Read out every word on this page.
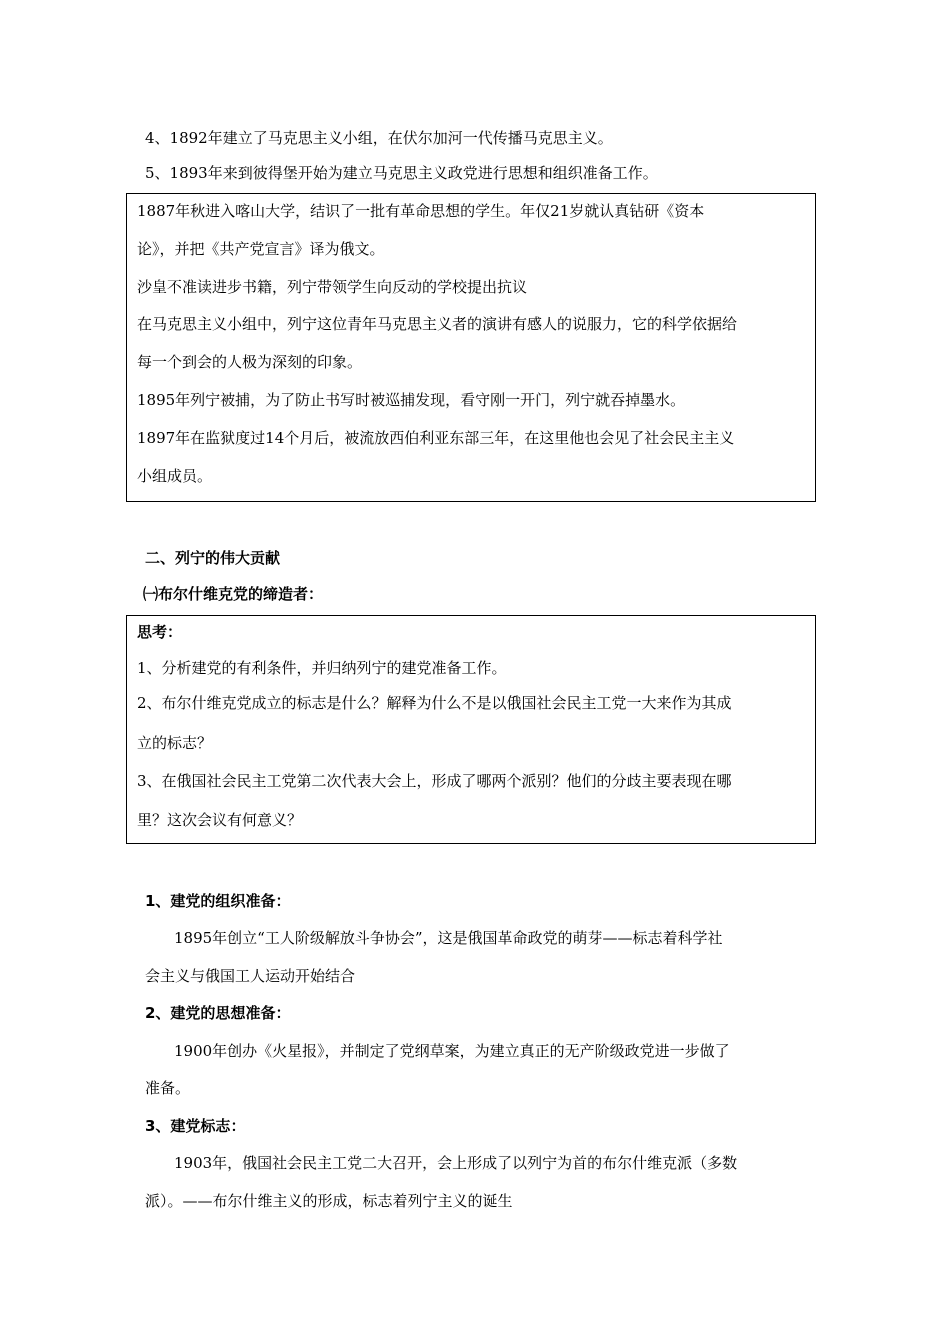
4、1892年建立了马克思主义小组，在伏尔加河一代传播马克思主义。
5、1893年来到彼得堡开始为建立马克思主义政党进行思想和组织准备工作。
1887年秋进入喀山大学，结识了一批有革命思想的学生。年仅21岁就认真钻研《资本
论》，并把《共产党宣言》译为俄文。
沙皇不准读进步书籍，列宁带领学生向反动的学校提出抗议
在马克思主义小组中，列宁这位青年马克思主义者的演讲有感人的说服力，它的科学依据给
每一个到会的人极为深刻的印象。
1895年列宁被捕，为了防止书写时被巡捕发现，看守刚一开门，列宁就吞掉墨水。
1897年在监狱度过14个月后，被流放西伯利亚东部三年，在这里他也会见了社会民主主义
小组成员。
二、列宁的伟大贡献
㈠布尔什维克党的缔造者：
思考：
1、分析建党的有利条件，并归纳列宁的建党准备工作。
2、布尔什维克党成立的标志是什么？解释为什么不是以俄国社会民主工党一大来作为其成
立的标志？
3、在俄国社会民主工党第二次代表大会上，形成了哪两个派别？他们的分歧主要表现在哪
里？这次会议有何意义？
1、建党的组织准备：
1895年创立“工人阶级解放斗争协会”，这是俄国革命政党的萌芽——标志着科学社
会主义与俄国工人运动开始结合
2、建党的思想准备：
1900年创办《火星报》，并制定了党纲草案，为建立真正的无产阶级政党进一步做了
准备。
3、建党标志：
1903年，俄国社会民主工党二大召开，会上形成了以列宁为首的布尔什维克派（多数
派）。——布尔什维主义的形成，标志着列宁主义的诞生
